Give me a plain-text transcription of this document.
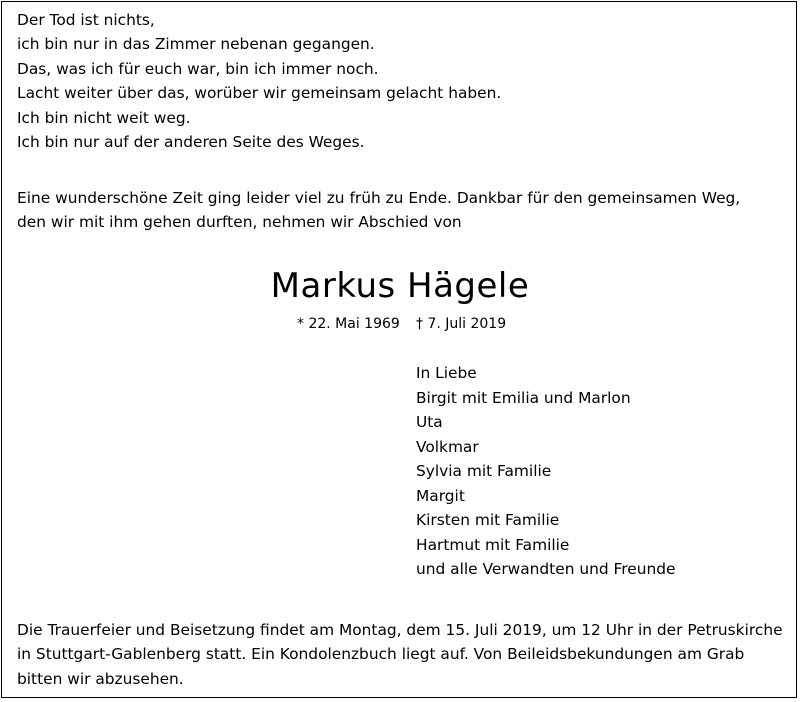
Der Tod ist nichts,
ich bin nur in das Zimmer nebenan gegangen.
Das, was ich für euch war, bin ich immer noch.
Lacht weiter über das, worüber wir gemeinsam gelacht haben.
Ich bin nicht weit weg.
Ich bin nur auf der anderen Seite des Weges.
Eine wunderschöne Zeit ging leider viel zu früh zu Ende. Dankbar für den gemeinsamen Weg,
den wir mit ihm gehen durften, nehmen wir Abschied von
Markus Hägele
* 22. Mai 1969 † 7. Juli 2019
In Liebe
Birgit mit Emilia und Marlon
Uta
Volkmar
Sylvia mit Familie
Margit
Kirsten mit Familie
Hartmut mit Familie
und alle Verwandten und Freunde
Die Trauerfeier und Beisetzung findet am Montag, dem 15. Juli 2019, um 12 Uhr in der Petruskirche
in Stuttgart-Gablenberg statt. Ein Kondolenzbuch liegt auf. Von Beileidsbekundungen am Grab
bitten wir abzusehen.
